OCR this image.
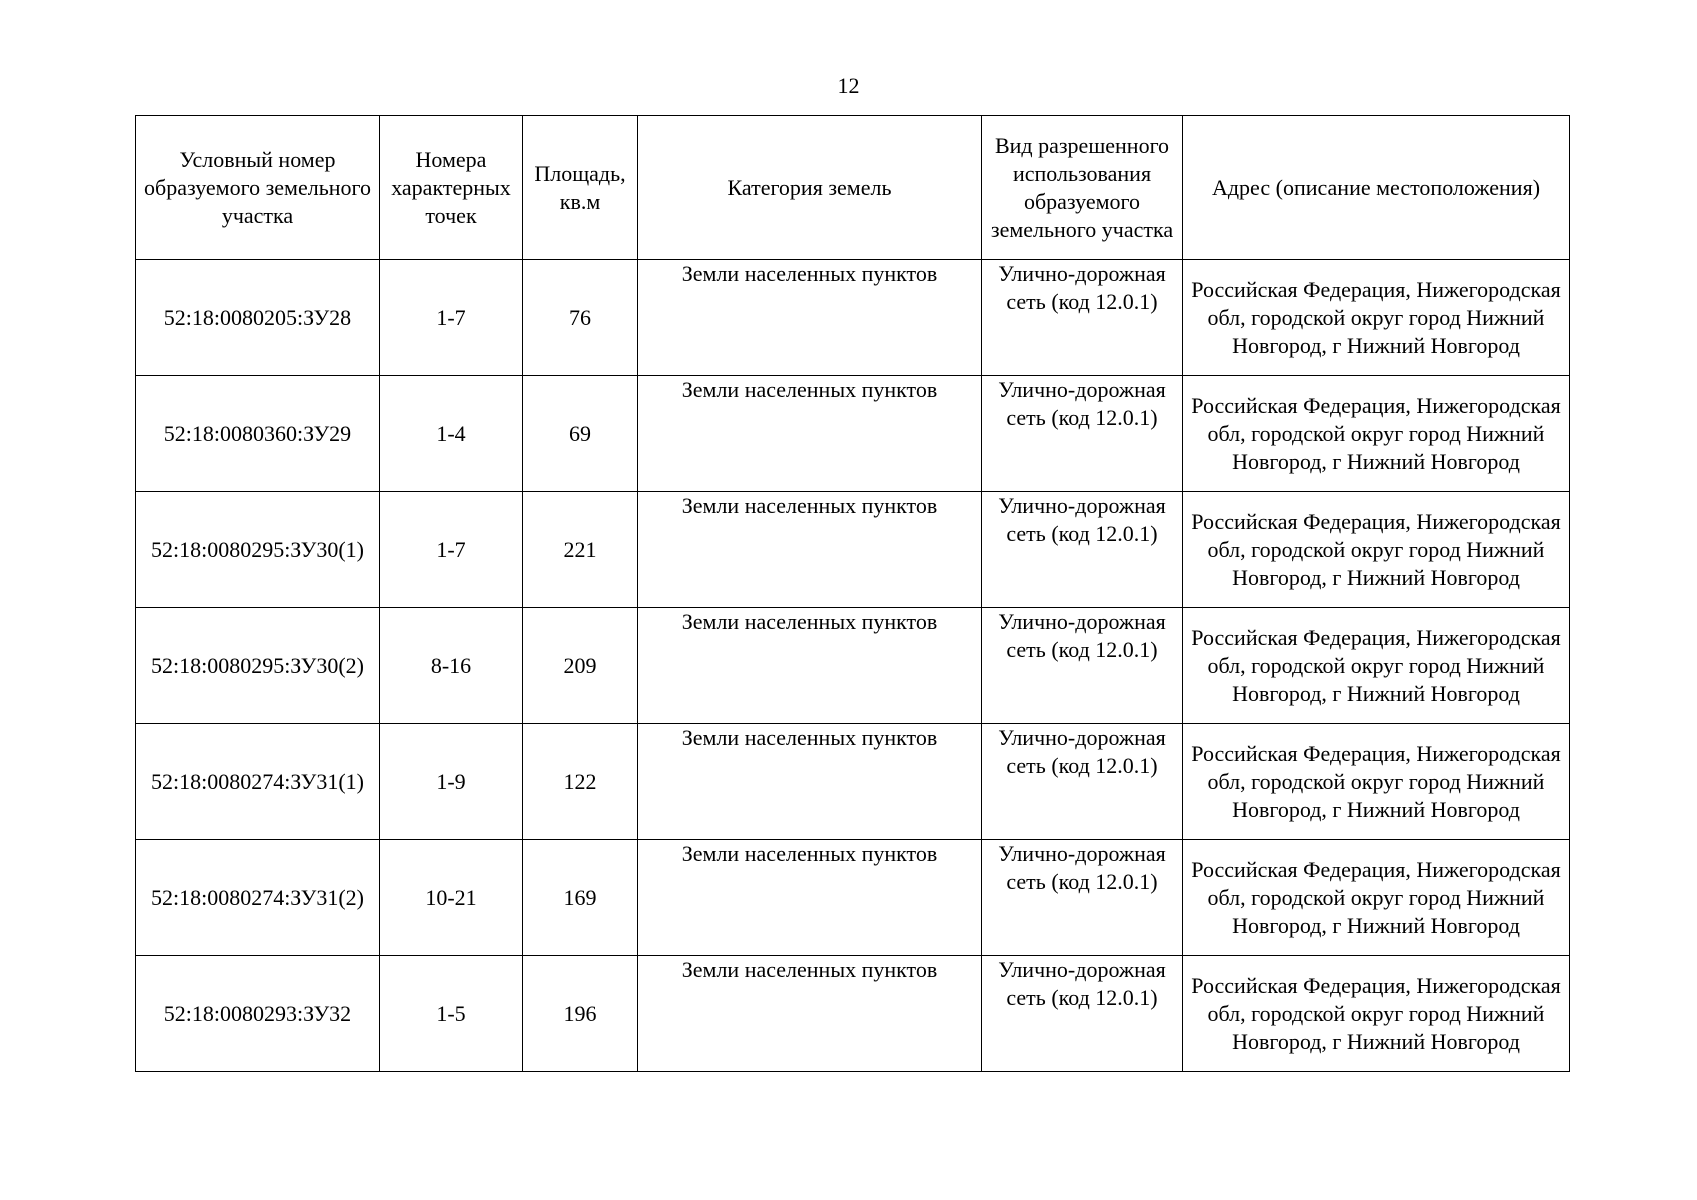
12
Условный номер образуемого земельного участка	Номера характерных точек	Площадь, кв.м	Категория земель	Вид разрешенного использования образуемого земельного участка	Адрес (описание местоположения)
52:18:0080205:ЗУ28	1-7	76	Земли населенных пунктов	Улично-дорожная сеть (код 12.0.1)	Российская Федерация, Нижегородская обл, городской округ город Нижний Новгород, г Нижний Новгород
52:18:0080360:ЗУ29	1-4	69	Земли населенных пунктов	Улично-дорожная сеть (код 12.0.1)	Российская Федерация, Нижегородская обл, городской округ город Нижний Новгород, г Нижний Новгород
52:18:0080295:ЗУ30(1)	1-7	221	Земли населенных пунктов	Улично-дорожная сеть (код 12.0.1)	Российская Федерация, Нижегородская обл, городской округ город Нижний Новгород, г Нижний Новгород
52:18:0080295:ЗУ30(2)	8-16	209	Земли населенных пунктов	Улично-дорожная сеть (код 12.0.1)	Российская Федерация, Нижегородская обл, городской округ город Нижний Новгород, г Нижний Новгород
52:18:0080274:ЗУ31(1)	1-9	122	Земли населенных пунктов	Улично-дорожная сеть (код 12.0.1)	Российская Федерация, Нижегородская обл, городской округ город Нижний Новгород, г Нижний Новгород
52:18:0080274:ЗУ31(2)	10-21	169	Земли населенных пунктов	Улично-дорожная сеть (код 12.0.1)	Российская Федерация, Нижегородская обл, городской округ город Нижний Новгород, г Нижний Новгород
52:18:0080293:ЗУ32	1-5	196	Земли населенных пунктов	Улично-дорожная сеть (код 12.0.1)	Российская Федерация, Нижегородская обл, городской округ город Нижний Новгород, г Нижний Новгород
